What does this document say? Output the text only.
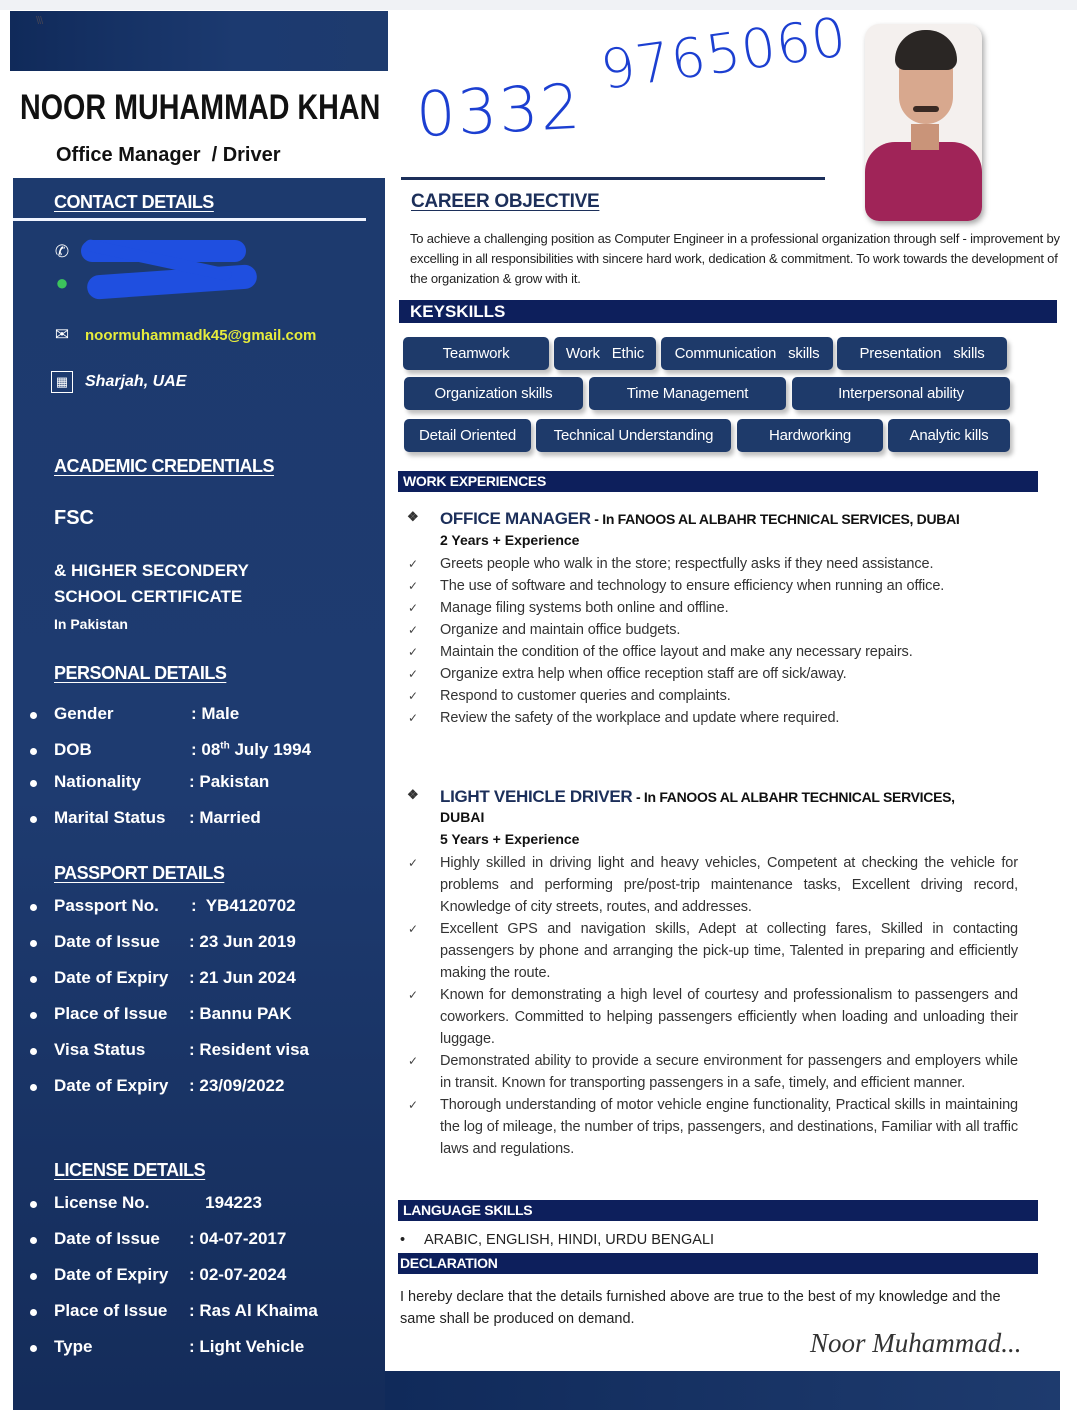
\\\
NOOR MUHAMMAD KHAN
Office Manager  / Driver
0332
9765060
CONTACT DETAILS
✆
●
✉ noormuhammadk45@gmail.com
▦	Sharjah, UAE
ACADEMIC CREDENTIALS
FSC
& HIGHER SECONDERY
SCHOOL CERTIFICATE
In Pakistan
PERSONAL DETAILS
Gender	: Male
DOB	: 08th July 1994
Nationality	: Pakistan
Marital Status : Married
PASSPORT DETAILS
Passport No. :  YB4120702
Date of Issue : 23 Jun 2019
Date of Expiry : 21 Jun 2024
Place of Issue : Bannu PAK
Visa Status	: Resident visa
Date of Expiry : 23/09/2022
LICENSE DETAILS
License No. 194223
Date of Issue : 04-07-2017
Date of Expiry : 02-07-2024
Place of Issue : Ras Al Khaima
Type	: Light Vehicle
CAREER OBJECTIVE
To achieve a challenging position as Computer Engineer in a professional organization through self - improvement by excelling in all responsibilities with sincere hard work, dedication & commitment. To work towards the development of the organization & grow with it.
KEYSKILLS
Teamwork	Work   Ethic	Communication   skills	Presentation   skills
Organization skills	Time Management	Interpersonal ability
Detail Oriented	Technical Understanding	Hardworking	Analytic kills
WORK EXPERIENCES
❖ OFFICE MANAGER - In FANOOS AL ALBAHR TECHNICAL SERVICES, DUBAI
2 Years + Experience
✓ Greets people who walk in the store; respectfully asks if they need assistance.
✓ The use of software and technology to ensure efficiency when running an office.
✓ Manage filing systems both online and offline.
✓ Organize and maintain office budgets.
✓ Maintain the condition of the office layout and make any necessary repairs.
✓ Organize extra help when office reception staff are off sick/away.
✓ Respond to customer queries and complaints.
✓ Review the safety of the workplace and update where required.
❖ LIGHT VEHICLE DRIVER - In FANOOS AL ALBAHR TECHNICAL SERVICES,
DUBAI
5 Years + Experience
✓ Highly skilled in driving light and heavy vehicles, Competent at checking the vehicle for problems and performing pre/post-trip maintenance tasks, Excellent driving record, Knowledge of city streets, routes, and addresses.
✓ Excellent GPS and navigation skills, Adept at collecting fares, Skilled in contacting passengers by phone and arranging the pick-up time, Talented in preparing and efficiently making the route.
✓ Known for demonstrating a high level of courtesy and professionalism to passengers and coworkers. Committed to helping passengers efficiently when loading and unloading their luggage.
✓ Demonstrated ability to provide a secure environment for passengers and employers while in transit. Known for transporting passengers in a safe, timely, and efficient manner.
✓ Thorough understanding of motor vehicle engine functionality, Practical skills in maintaining the log of mileage, the number of trips, passengers, and destinations, Familiar with all traffic laws and regulations.
LANGUAGE SKILLS
• ARABIC, ENGLISH, HINDI, URDU BENGALI
DECLARATION
I hereby declare that the details furnished above are true to the best of my knowledge and the same shall be produced on demand.
Noor Muhammad...
